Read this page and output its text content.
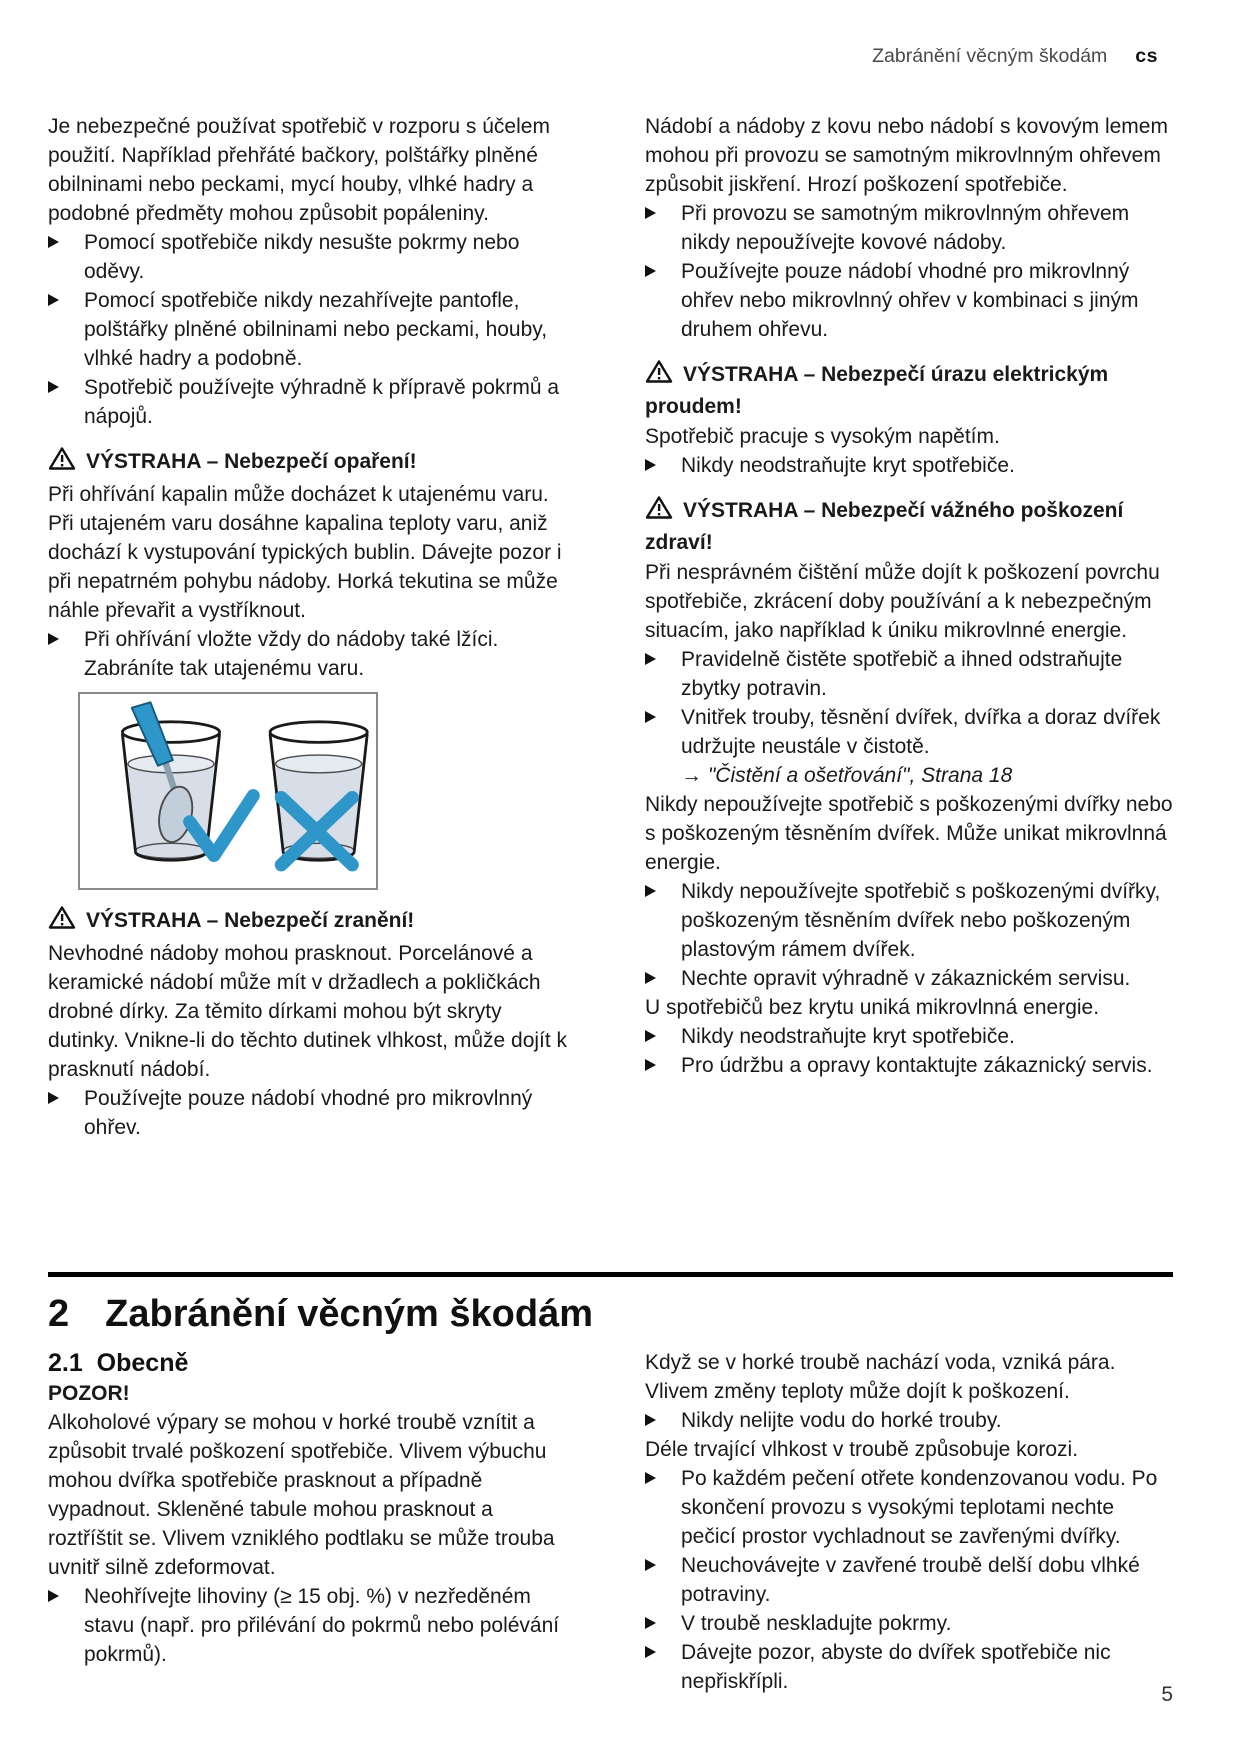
Zabránění věcným škodám cs

Je nebezpečné používat spotřebič v rozporu s účelem použití. Například přehřáté bačkory, polštářky plněné obilninami nebo peckami, mycí houby, vlhké hadry a podobné předměty mohou způsobit popáleniny.

Pomocí spotřebiče nikdy nesušte pokrmy nebo oděvy.
Pomocí spotřebiče nikdy nezahřívejte pantofle, polštářky plněné obilninami nebo peckami, houby, vlhké hadry a podobně.
Spotřebič používejte výhradně k přípravě pokrmů a nápojů.
VÝSTRAHA – Nebezpečí opaření!

Při ohřívání kapalin může docházet k utajenému varu. Při utajeném varu dosáhne kapalina teploty varu, aniž dochází k vystupování typických bublin. Dávejte pozor i při nepatrném pohybu nádoby. Horká tekutina se může náhle převařit a vystříknout.

Při ohřívání vložte vždy do nádoby také lžíci. Zabráníte tak utajenému varu.
VÝSTRAHA – Nebezpečí zranění!

Nevhodné nádoby mohou prasknout. Porcelánové a keramické nádobí může mít v držadlech a pokličkách drobné dírky. Za těmito dírkami mohou být skryty dutinky. Vnikne-li do těchto dutinek vlhkost, může dojít k prasknutí nádobí.

Používejte pouze nádobí vhodné pro mikrovlnný ohřev.

Nádobí a nádoby z kovu nebo nádobí s kovovým lemem mohou při provozu se samotným mikrovlnným ohřevem způsobit jiskření. Hrozí poškození spotřebiče.

Při provozu se samotným mikrovlnným ohřevem nikdy nepoužívejte kovové nádoby.
Používejte pouze nádobí vhodné pro mikrovlnný ohřev nebo mikrovlnný ohřev v kombinaci s jiným druhem ohřevu.
VÝSTRAHA – Nebezpečí úrazu elektrickým proudem!

Spotřebič pracuje s vysokým napětím.

Nikdy neodstraňujte kryt spotřebiče.
VÝSTRAHA – Nebezpečí vážného poškození zdraví!

Při nesprávném čištění může dojít k poškození povrchu spotřebiče, zkrácení doby používání a k nebezpečným situacím, jako například k úniku mikrovlnné energie.

Pravidelně čistěte spotřebič a ihned odstraňujte zbytky potravin.
Vnitřek trouby, těsnění dvířek, dvířka a doraz dvířek udržujte neustále v čistotě.
→ "Čistění a ošetřování", Strana 18

Nikdy nepoužívejte spotřebič s poškozenými dvířky nebo s poškozeným těsněním dvířek. Může unikat mikrovlnná energie.

Nikdy nepoužívejte spotřebič s poškozenými dvířky, poškozeným těsněním dvířek nebo poškozeným plastovým rámem dvířek.
Nechte opravit výhradně v zákaznickém servisu.

U spotřebičů bez krytu uniká mikrovlnná energie.

Nikdy neodstraňujte kryt spotřebiče.
Pro údržbu a opravy kontaktujte zákaznický servis.
2 Zabránění věcným škodám
2.1 Obecně

POZOR!

Alkoholové výpary se mohou v horké troubě vznítit a způsobit trvalé poškození spotřebiče. Vlivem výbuchu mohou dvířka spotřebiče prasknout a případně vypadnout. Skleněné tabule mohou prasknout a roztříštit se. Vlivem vzniklého podtlaku se může trouba uvnitř silně zdeformovat.

Neohřívejte lihoviny (≥ 15 obj. %) v nezředěném stavu (např. pro přilévání do pokrmů nebo polévání pokrmů).

Když se v horké troubě nachází voda, vzniká pára. Vlivem změny teploty může dojít k poškození.

Nikdy nelijte vodu do horké trouby.

Déle trvající vlhkost v troubě způsobuje korozi.

Po každém pečení otřete kondenzovanou vodu. Po skončení provozu s vysokými teplotami nechte pečicí prostor vychladnout se zavřenými dvířky.
Neuchovávejte v zavřené troubě delší dobu vlhké potraviny.
V troubě neskladujte pokrmy.
Dávejte pozor, abyste do dvířek spotřebiče nic nepřiskřípli.
5
